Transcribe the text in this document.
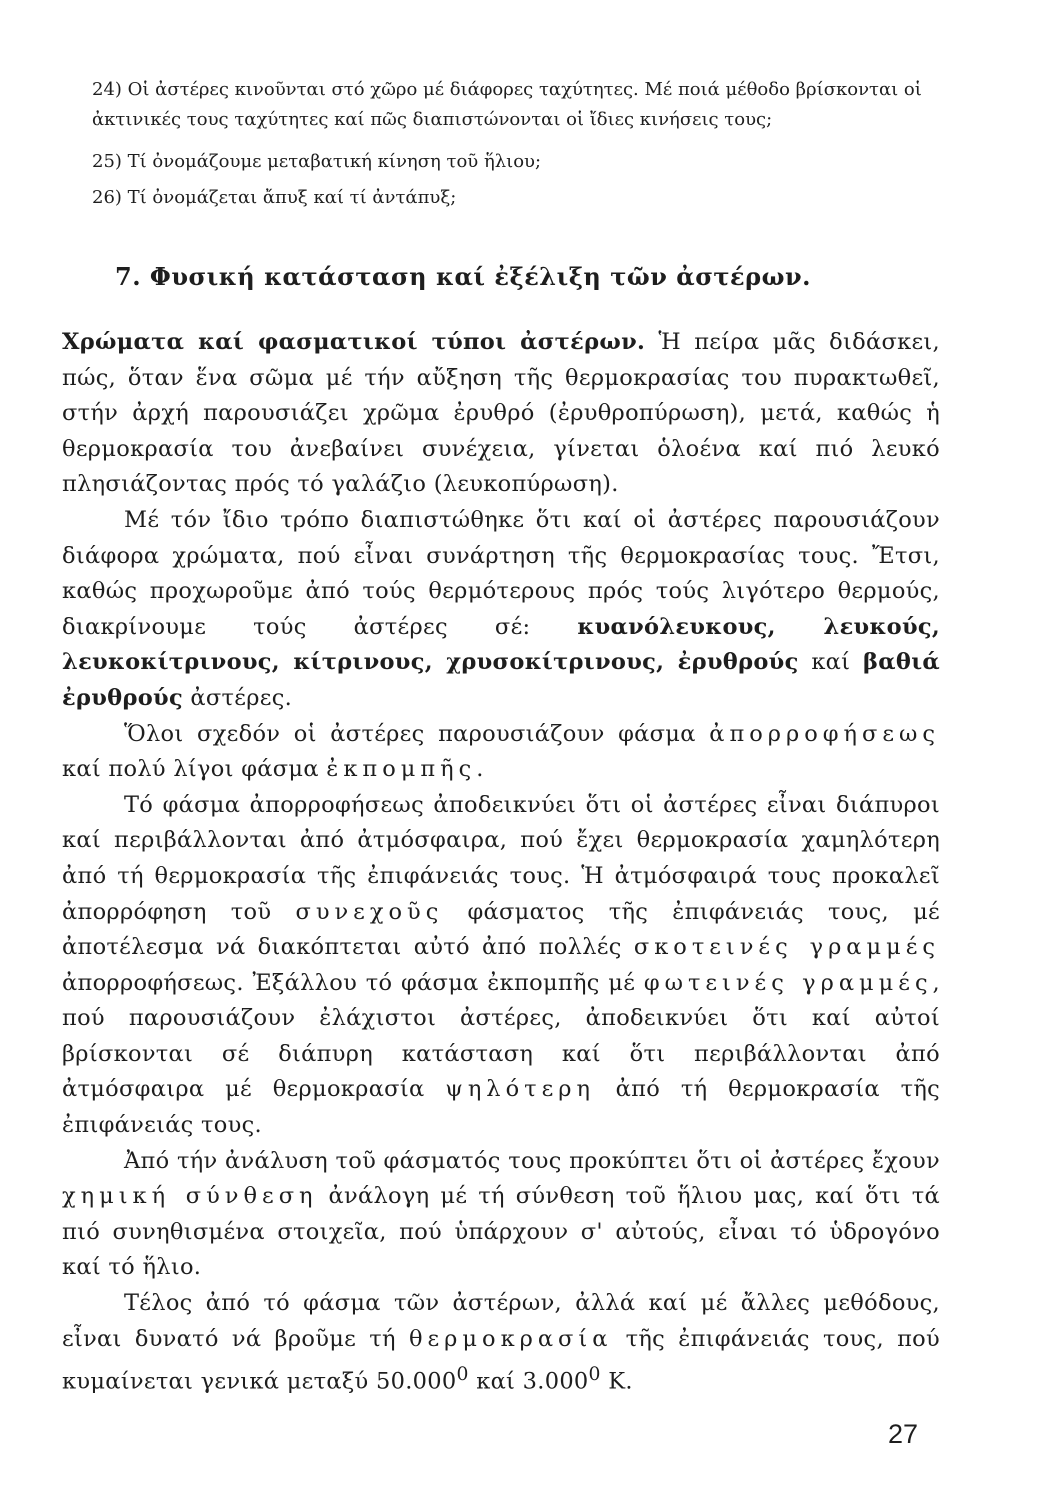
24) Οἱ ἀστέρες κινοῦνται στό χῶρο μέ διάφορες ταχύτητες. Μέ ποιά μέθοδο βρίσκονται οἱ ἀκτινικές τους ταχύτητες καί πῶς διαπιστώνονται οἱ ἴδιες κινήσεις τους;

25) Τί ὀνομάζουμε μεταβατική κίνηση τοῦ ἥλιου;

26) Τί ὀνομάζεται ἄπυξ καί τί ἀντάπυξ;

7. Φυσική κατάσταση καί ἐξέλιξη τῶν ἀστέρων.

Χρώματα καί φασματικοί τύποι ἀστέρων. Ἡ πείρα μᾶς διδάσκει, πώς, ὅταν ἕνα σῶμα μέ τήν αὔξηση τῆς θερμοκρασίας του πυρακτωθεῖ, στήν ἀρχή παρουσιάζει χρῶμα ἐρυθρό (ἐρυθροπύρωση), μετά, καθώς ἡ θερμοκρασία του ἀνεβαίνει συνέχεια, γίνεται ὁλοένα καί πιό λευκό πλησιάζοντας πρός τό γαλάζιο (λευκοπύρωση).

Μέ τόν ἴδιο τρόπο διαπιστώθηκε ὅτι καί οἱ ἀστέρες παρουσιάζουν διάφορα χρώματα, πού εἶναι συνάρτηση τῆς θερμοκρασίας τους. Ἔτσι, καθώς προχωροῦμε ἀπό τούς θερμότερους πρός τούς λιγότερο θερμούς, διακρίνουμε τούς ἀστέρες σέ: κυανόλευκους, λευκούς, λευκοκίτρινους, κίτρινους, χρυσοκίτρινους, ἐρυθρούς καί βαθιά ἐρυθρούς ἀστέρες.

Ὅλοι σχεδόν οἱ ἀστέρες παρουσιάζουν φάσμα ἀπορροφήσεως καί πολύ λίγοι φάσμα ἐκπομπῆς.

Τό φάσμα ἀπορροφήσεως ἀποδεικνύει ὅτι οἱ ἀστέρες εἶναι διάπυροι καί περιβάλλονται ἀπό ἀτμόσφαιρα, πού ἔχει θερμοκρασία χαμηλότερη ἀπό τή θερμοκρασία τῆς ἐπιφάνειάς τους. Ἡ ἀτμόσφαιρά τους προκαλεῖ ἀπορρόφηση τοῦ συνεχοῦς φάσματος τῆς ἐπιφάνειάς τους, μέ ἀποτέλεσμα νά διακόπτεται αὐτό ἀπό πολλές σκοτεινές γραμμές ἀπορροφήσεως. Ἐξάλλου τό φάσμα ἐκπομπῆς μέ φωτεινές γραμμές, πού παρουσιάζουν ἐλάχιστοι ἀστέρες, ἀποδεικνύει ὅτι καί αὐτοί βρίσκονται σέ διάπυρη κατάσταση καί ὅτι περιβάλλονται ἀπό ἀτμόσφαιρα μέ θερμοκρασία ψηλότερη ἀπό τή θερμοκρασία τῆς ἐπιφάνειάς τους.

Ἀπό τήν ἀνάλυση τοῦ φάσματός τους προκύπτει ὅτι οἱ ἀστέρες ἔχουν χημική σύνθεση ἀνάλογη μέ τή σύνθεση τοῦ ἥλιου μας, καί ὅτι τά πιό συνηθισμένα στοιχεῖα, πού ὑπάρχουν σ' αὐτούς, εἶναι τό ὑδρογόνο καί τό ἥλιο.

Τέλος ἀπό τό φάσμα τῶν ἀστέρων, ἀλλά καί μέ ἄλλες μεθόδους, εἶναι δυνατό νά βροῦμε τή θερμοκρασία τῆς ἐπιφάνειάς τους, πού κυμαίνεται γενικά μεταξύ 50.000$^0$ καί 3.000$^0$ Κ.

27
